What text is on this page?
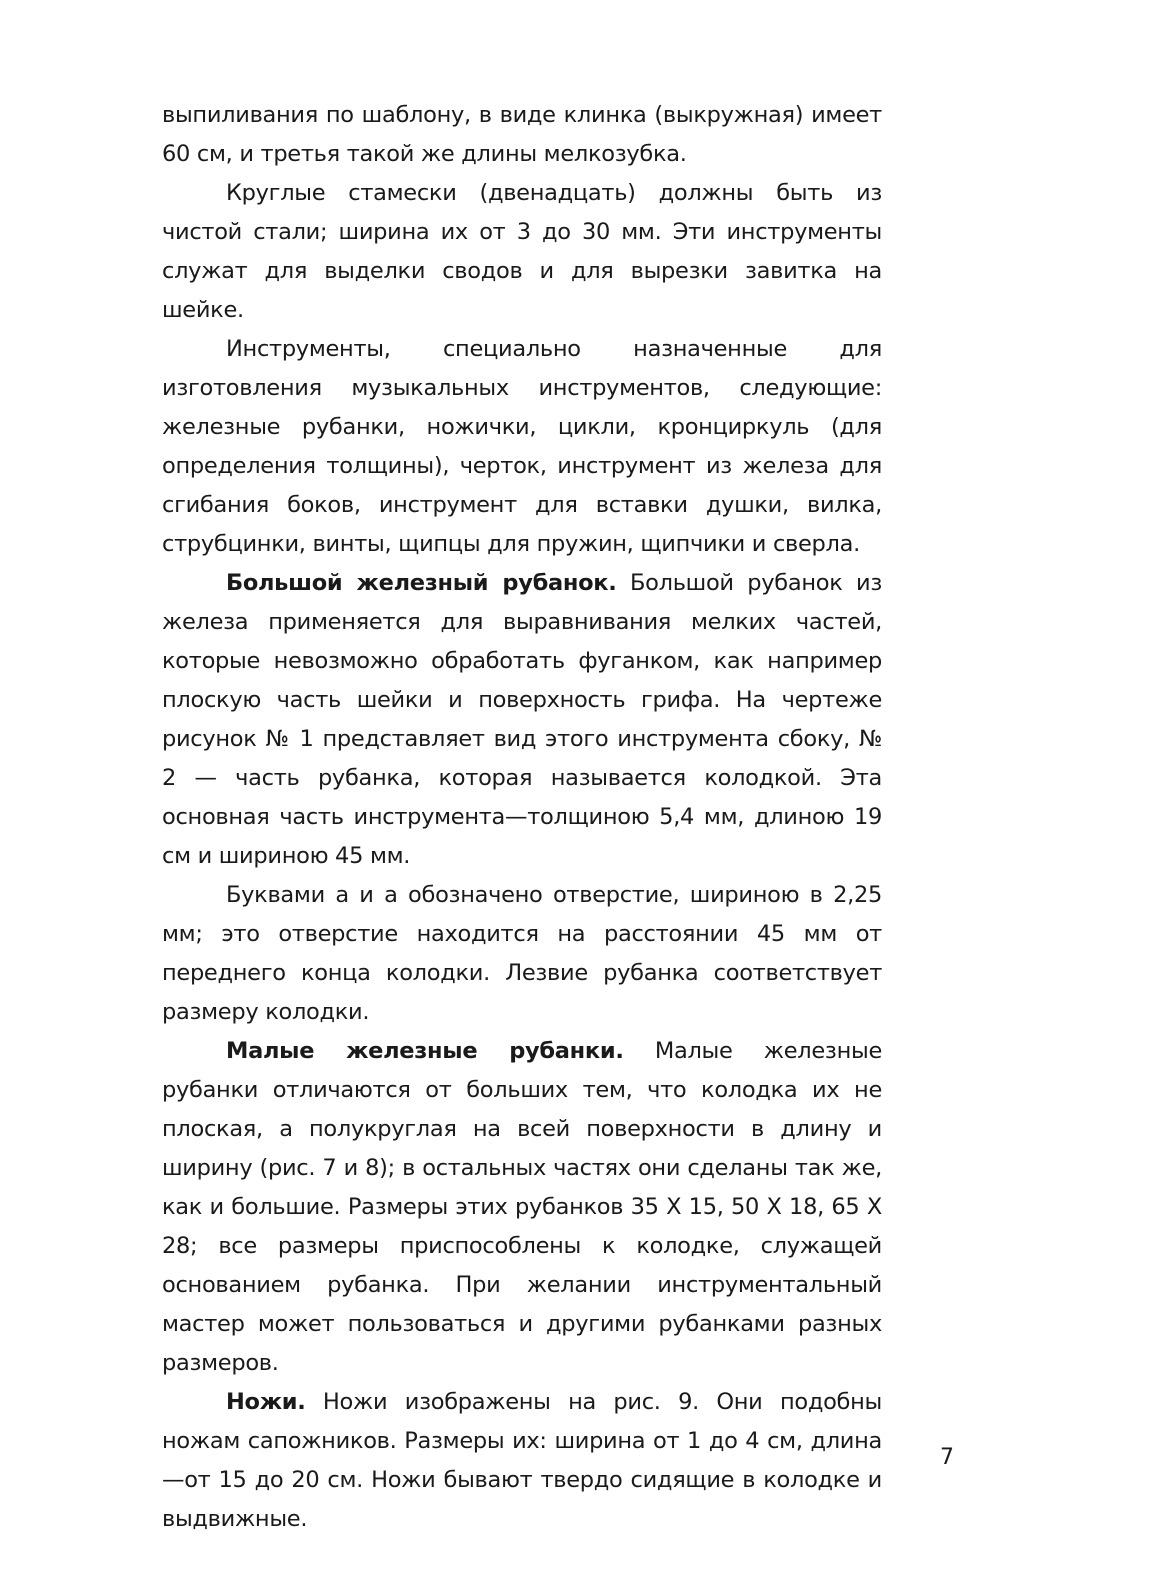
выпиливания по шаблону, в виде клинка (выкружная) имеет 60 см, и третья такой же длины мелкозубка.

Круглые стамески (двенадцать) должны быть из чистой стали; ширина их от 3 до 30 мм. Эти инструменты служат для выделки сводов и для вырезки завитка на шейке.

Инструменты, специально назначенные для изготовления музыкальных инструментов, следующие: железные рубанки, ножички, цикли, кронциркуль (для определения толщины), черток, инструмент из железа для сгибания боков, инструмент для вставки душки, вилка, струбцинки, винты, щипцы для пружин, щипчики и сверла.

Большой железный рубанок. Большой рубанок из железа применяется для выравнивания мелких частей, которые невозможно обработать фуганком, как например плоскую часть шейки и поверхность грифа. На чертеже рисунок № 1 представляет вид этого инструмента сбоку, № 2 — часть рубанка, которая называется колодкой. Эта основная часть инструмента—толщиною 5,4 мм, длиною 19 см и шириною 45 мм.

Буквами а и а обозначено отверстие, шириною в 2,25 мм; это отверстие находится на расстоянии 45 мм от переднего конца колодки. Лезвие рубанка соответствует размеру колодки.

Малые железные рубанки. Малые железные рубанки отличаются от больших тем, что колодка их не плоская, а полукруглая на всей поверхности в длину и ширину (рис. 7 и 8); в остальных частях они сделаны так же, как и большие. Размеры этих рубанков 35 X 15, 50 X 18, 65 X 28; все размеры приспособлены к колодке, служащей основанием рубанка. При желании инструментальный мастер может пользоваться и другими рубанками разных размеров.

Ножи. Ножи изображены на рис. 9. Они подобны ножам сапожников. Размеры их: ширина от 1 до 4 см, длина—от 15 до 20 см. Ножи бывают твердо сидящие в колодке и выдвижные.

7
